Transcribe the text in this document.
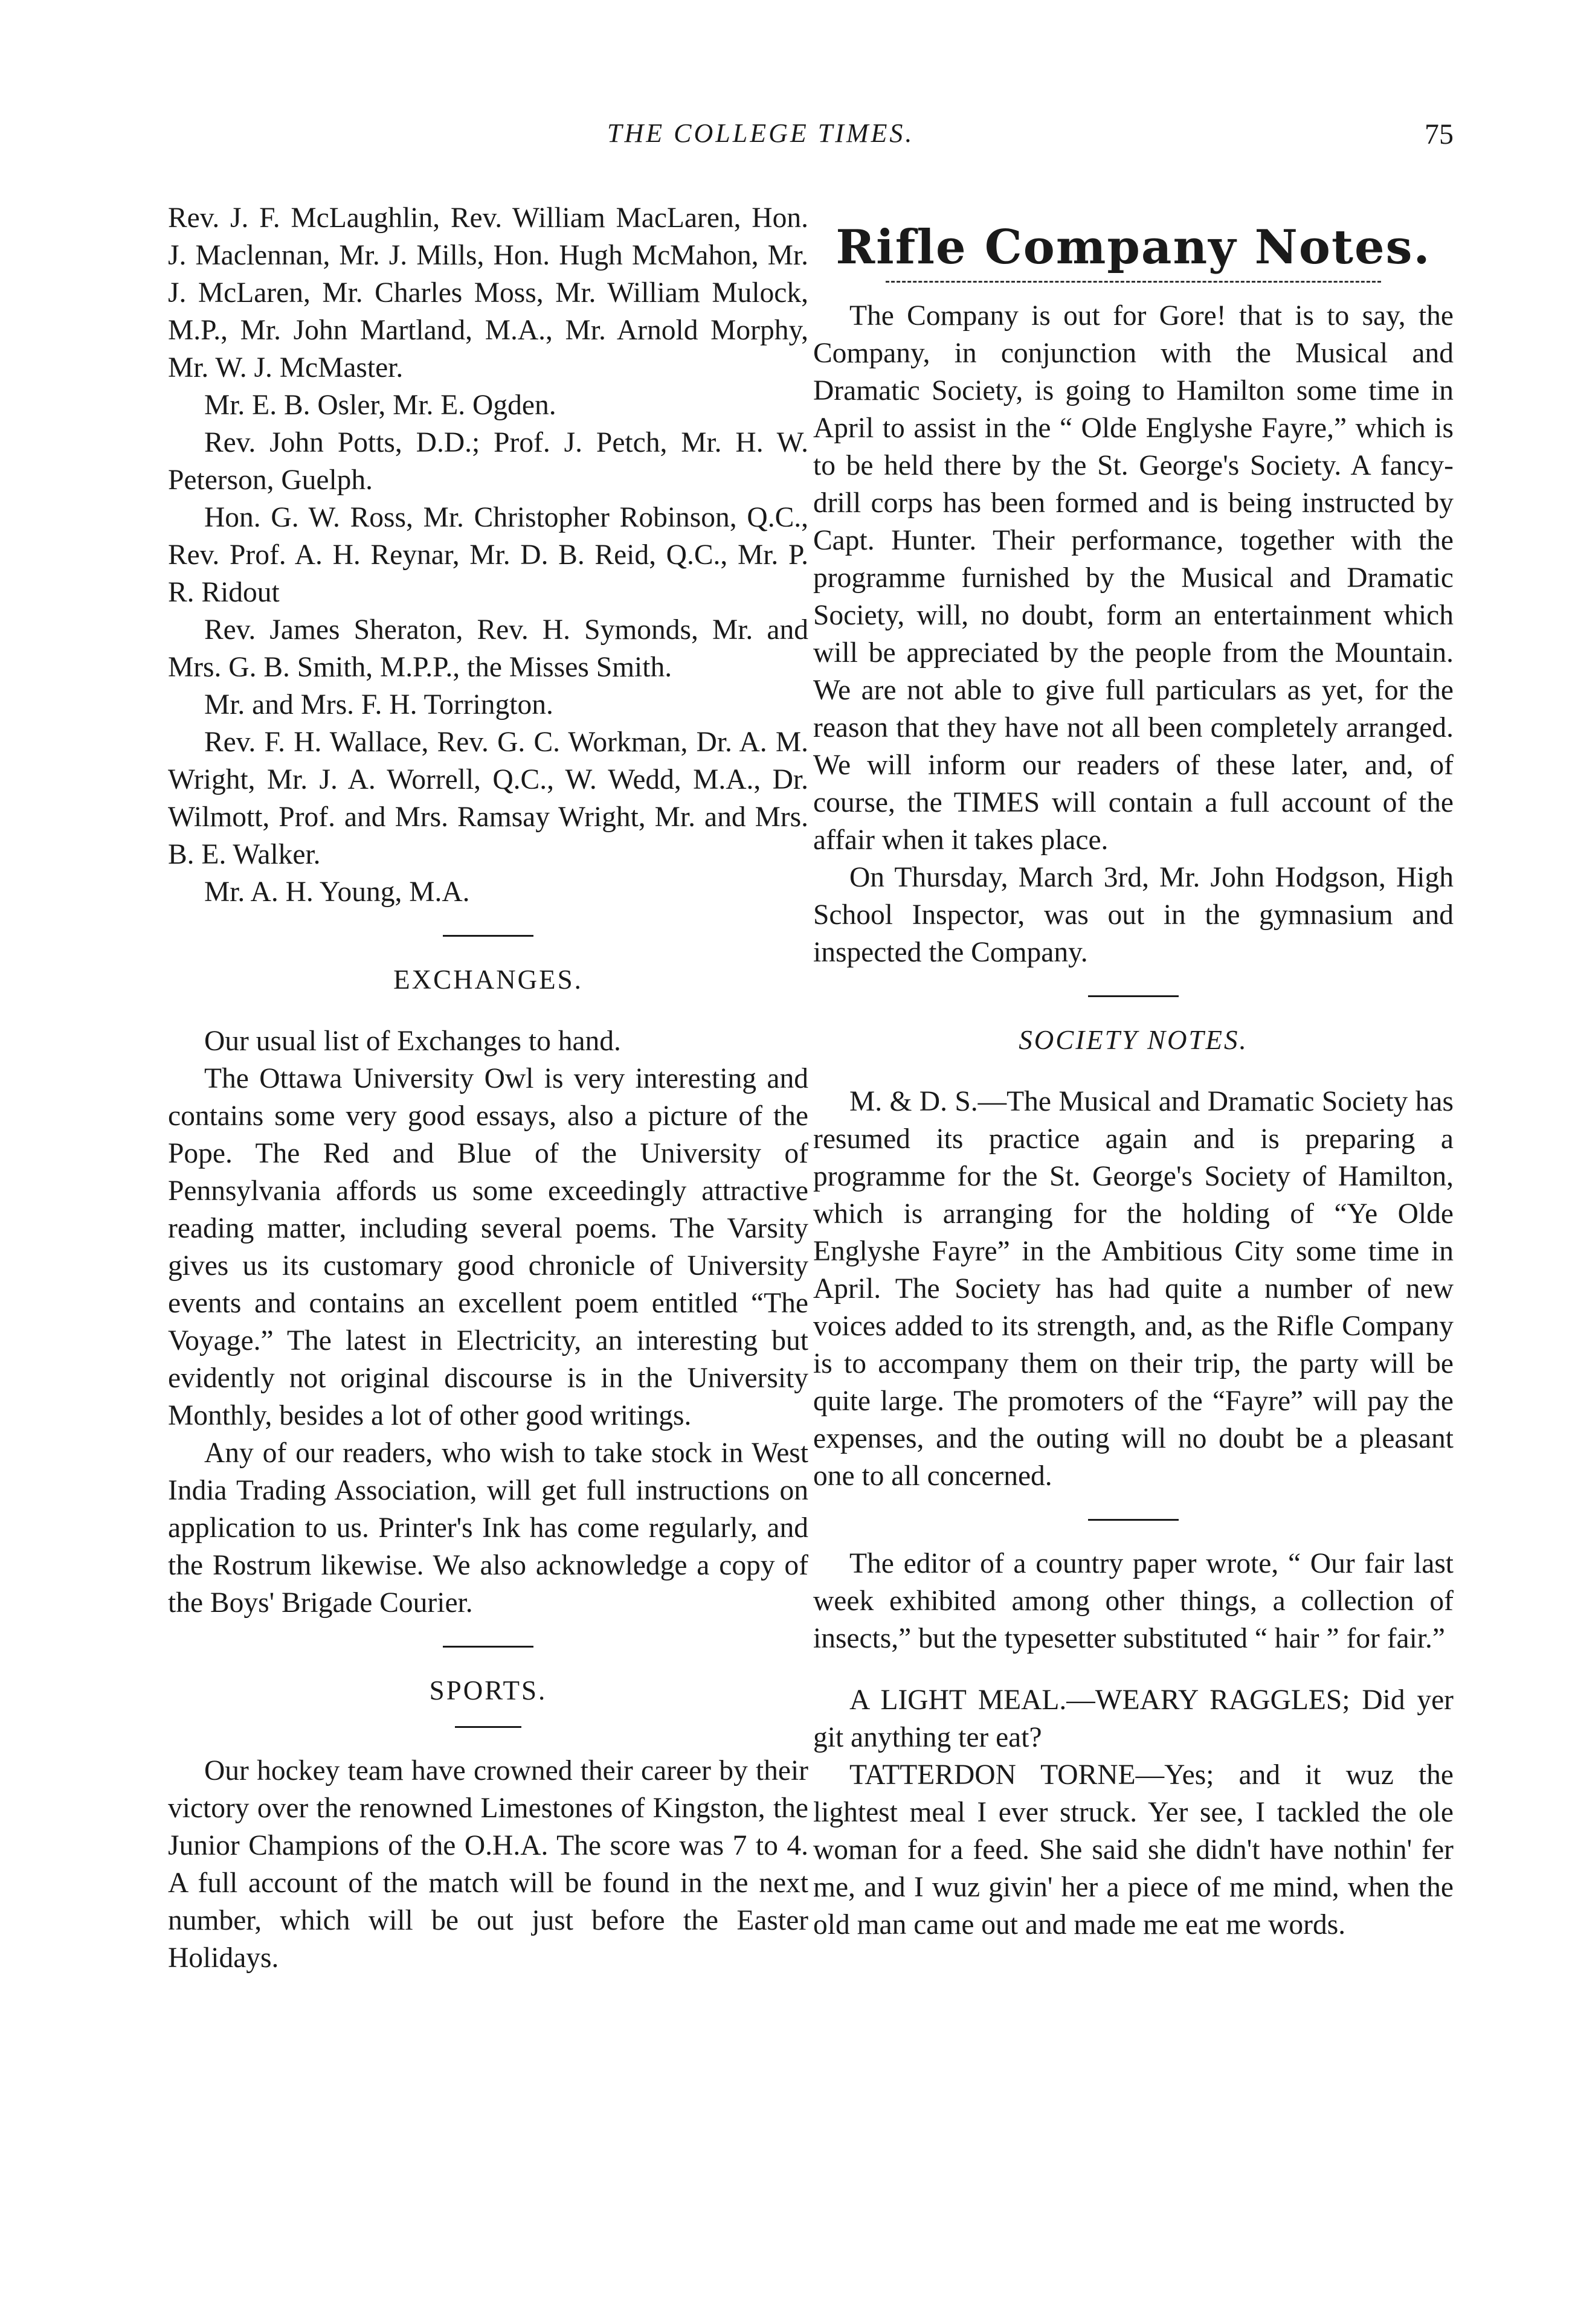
THE COLLEGE TIMES.	75

Rev. J. F. McLaughlin, Rev. William MacLaren, Hon. J. Maclennan, Mr. J. Mills, Hon. Hugh McMahon, Mr. J. McLaren, Mr. Charles Moss, Mr. William Mulock, M.P., Mr. John Martland, M.A., Mr. Arnold Morphy, Mr. W. J. McMaster.

Mr. E. B. Osler, Mr. E. Ogden.

Rev. John Potts, D.D.; Prof. J. Petch, Mr. H. W. Peterson, Guelph.

Hon. G. W. Ross, Mr. Christopher Robinson, Q.C., Rev. Prof. A. H. Reynar, Mr. D. B. Reid, Q.C., Mr. P. R. Ridout

Rev. James Sheraton, Rev. H. Symonds, Mr. and Mrs. G. B. Smith, M.P.P., the Misses Smith.

Mr. and Mrs. F. H. Torrington.

Rev. F. H. Wallace, Rev. G. C. Workman, Dr. A. M. Wright, Mr. J. A. Worrell, Q.C., W. Wedd, M.A., Dr. Wilmott, Prof. and Mrs. Ramsay Wright, Mr. and Mrs. B. E. Walker.

Mr. A. H. Young, M.A.

EXCHANGES.

Our usual list of Exchanges to hand.

The Ottawa University Owl is very interesting and contains some very good essays, also a picture of the Pope. The Red and Blue of the University of Pennsylvania affords us some exceedingly attractive reading matter, including several poems. The Varsity gives us its customary good chronicle of University events and contains an excellent poem entitled “The Voyage.” The latest in Electricity, an interesting but evidently not original discourse is in the University Monthly, besides a lot of other good writings.

Any of our readers, who wish to take stock in West India Trading Association, will get full instructions on application to us. Printer's Ink has come regularly, and the Rostrum likewise. We also acknowledge a copy of the Boys' Brigade Courier.

SPORTS.

Our hockey team have crowned their career by their victory over the renowned Limestones of Kingston, the Junior Champions of the O.H.A. The score was 7 to 4. A full account of the match will be found in the next number, which will be out just before the Easter Holidays.

Rifle Company Notes.

The Company is out for Gore! that is to say, the Company, in conjunction with the Musical and Dramatic Society, is going to Hamilton some time in April to assist in the “ Olde Englyshe Fayre,” which is to be held there by the St. George's Society. A fancy-drill corps has been formed and is being instructed by Capt. Hunter. Their performance, together with the programme furnished by the Musical and Dramatic Society, will, no doubt, form an entertainment which will be appreciated by the people from the Mountain. We are not able to give full particulars as yet, for the reason that they have not all been completely arranged. We will inform our readers of these later, and, of course, the TIMES will contain a full account of the affair when it takes place.

On Thursday, March 3rd, Mr. John Hodgson, High School Inspector, was out in the gymnasium and inspected the Company.

SOCIETY NOTES.

M. & D. S.—The Musical and Dramatic Society has resumed its practice again and is preparing a programme for the St. George's Society of Hamilton, which is arranging for the holding of “Ye Olde Englyshe Fayre” in the Ambitious City some time in April. The Society has had quite a number of new voices added to its strength, and, as the Rifle Company is to accompany them on their trip, the party will be quite large. The promoters of the “Fayre” will pay the expenses, and the outing will no doubt be a pleasant one to all concerned.

The editor of a country paper wrote, “ Our fair last week exhibited among other things, a collection of insects,” but the typesetter substituted “ hair ” for fair.”

A LIGHT MEAL.—WEARY RAGGLES; Did yer git anything ter eat?

TATTERDON TORNE—Yes; and it wuz the lightest meal I ever struck. Yer see, I tackled the ole woman for a feed. She said she didn't have nothin' fer me, and I wuz givin' her a piece of me mind, when the old man came out and made me eat me words.
